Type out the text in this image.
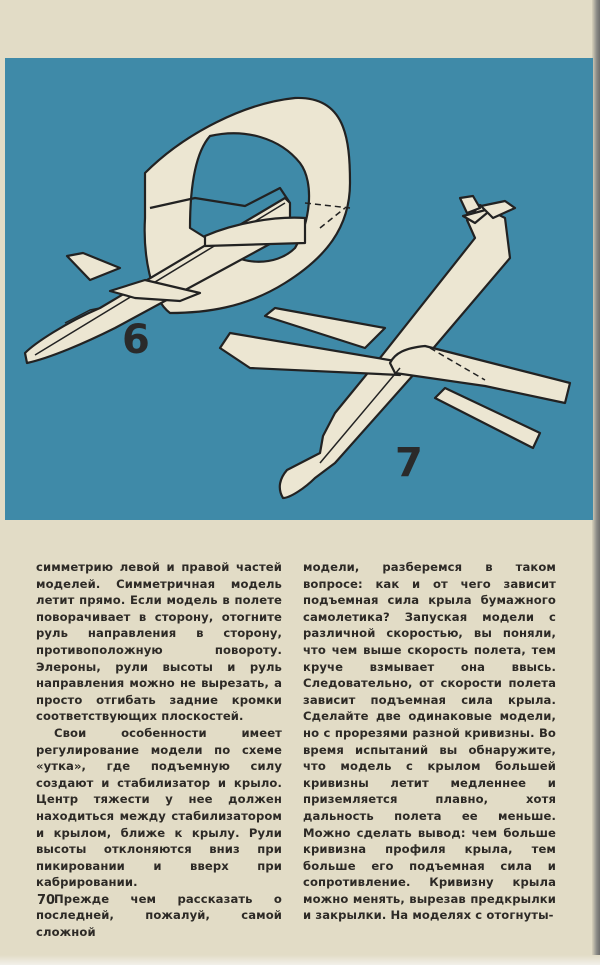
6
7

симметрию левой и правой частей моделей. Симметричная модель летит прямо. Если модель в полете поворачивает в сторону, отогните руль направления в сторону, противоположную повороту. Элероны, рули высоты и руль направления можно не вырезать, а просто отгибать задние кромки соответствующих плоскостей.

Свои особенности имеет регулирование модели по схеме «утка», где подъемную силу создают и стабилизатор и крыло. Центр тяжести у нее должен находиться между стабилизатором и крылом, ближе к крылу. Рули высоты отклоняются вниз при пикировании и вверх при кабрировании.

Прежде чем рассказать о последней, пожалуй, самой сложной

модели, разберемся в таком вопросе: как и от чего зависит подъемная сила крыла бумажного самолетика? Запуская модели с различной скоростью, вы поняли, что чем выше скорость полета, тем круче взмывает она ввысь. Следовательно, от скорости полета зависит подъемная сила крыла. Сделайте две одинаковые модели, но с прорезями разной кривизны. Во время испытаний вы обнаружите, что модель с крылом большей кривизны летит медленнее и приземляется плавно, хотя дальность полета ее меньше. Можно сделать вывод: чем больше кривизна профиля крыла, тем больше его подъемная сила и сопротивление. Кривизну крыла можно менять, вырезав предкрылки и закрылки. На моделях с отогнуты-

70
